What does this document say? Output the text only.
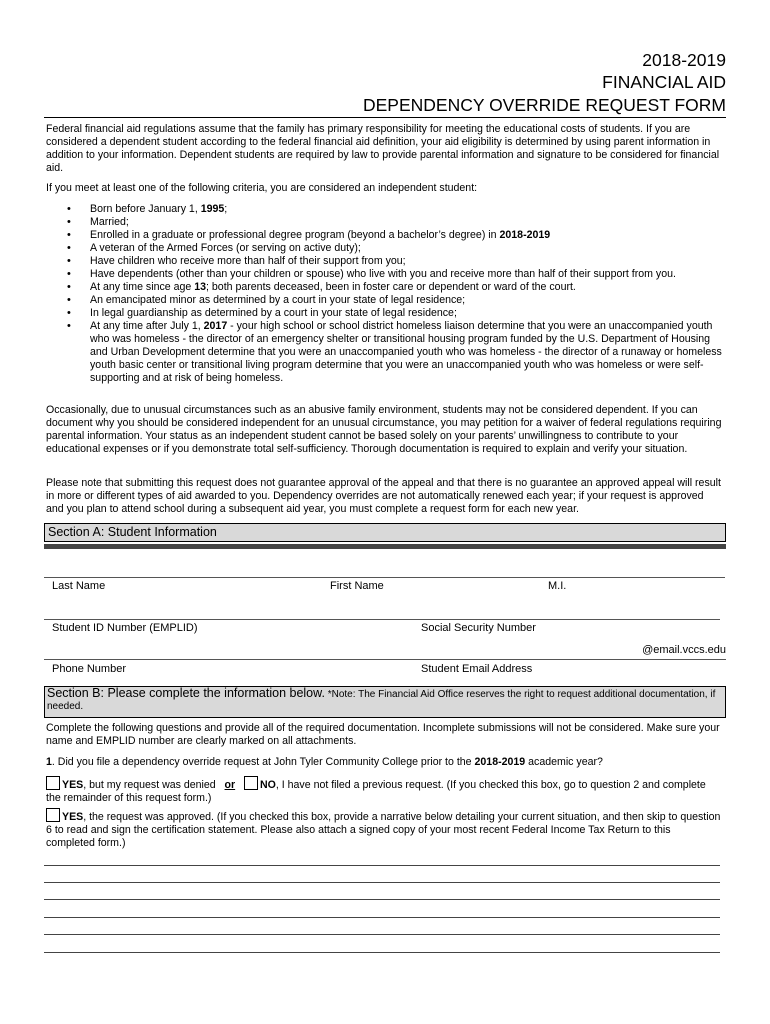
2018-2019
FINANCIAL AID
DEPENDENCY OVERRIDE REQUEST FORM
Federal financial aid regulations assume that the family has primary responsibility for meeting the educational costs of students. If you are considered a dependent student according to the federal financial aid definition, your aid eligibility is determined by using parent information in addition to your information. Dependent students are required by law to provide parental information and signature to be considered for financial aid.
If you meet at least one of the following criteria, you are considered an independent student:
• Born before January 1, 1995;
• Married;
• Enrolled in a graduate or professional degree program (beyond a bachelor’s degree) in 2018-2019
• A veteran of the Armed Forces (or serving on active duty);
• Have children who receive more than half of their support from you;
• Have dependents (other than your children or spouse) who live with you and receive more than half of their support from you.
• At any time since age 13; both parents deceased, been in foster care or dependent or ward of the court.
• An emancipated minor as determined by a court in your state of legal residence;
• In legal guardianship as determined by a court in your state of legal residence;
• At any time after July 1, 2017 - your high school or school district homeless liaison determine that you were an unaccompanied youth who was homeless - the director of an emergency shelter or transitional housing program funded by the U.S. Department of Housing and Urban Development determine that you were an unaccompanied youth who was homeless - the director of a runaway or homeless youth basic center or transitional living program determine that you were an unaccompanied youth who was homeless or were self-supporting and at risk of being homeless.
Occasionally, due to unusual circumstances such as an abusive family environment, students may not be considered dependent. If you can document why you should be considered independent for an unusual circumstance, you may petition for a waiver of federal regulations requiring parental information. Your status as an independent student cannot be based solely on your parents’ unwillingness to contribute to your educational expenses or if you demonstrate total self-sufficiency. Thorough documentation is required to explain and verify your situation.
Please note that submitting this request does not guarantee approval of the appeal and that there is no guarantee an approved appeal will result in more or different types of aid awarded to you. Dependency overrides are not automatically renewed each year; if your request is approved and you plan to attend school during a subsequent aid year, you must complete a request form for each new year.
Section A: Student Information
Last Name	First Name	M.I.
Student ID Number (EMPLID)	Social Security Number
@email.vccs.edu
Phone Number	Student Email Address
Section B: Please complete the information below. *Note: The Financial Aid Office reserves the right to request additional documentation, if needed.
Complete the following questions and provide all of the required documentation. Incomplete submissions will not be considered. Make sure your name and EMPLID number are clearly marked on all attachments.
1. Did you file a dependency override request at John Tyler Community College prior to the 2018-2019 academic year?
YES, but my request was denied or NO, I have not filed a previous request. (If you checked this box, go to question 2 and complete the remainder of this request form.)
YES, the request was approved. (If you checked this box, provide a narrative below detailing your current situation, and then skip to question 6 to read and sign the certification statement. Please also attach a signed copy of your most recent Federal Income Tax Return to this completed form.)
